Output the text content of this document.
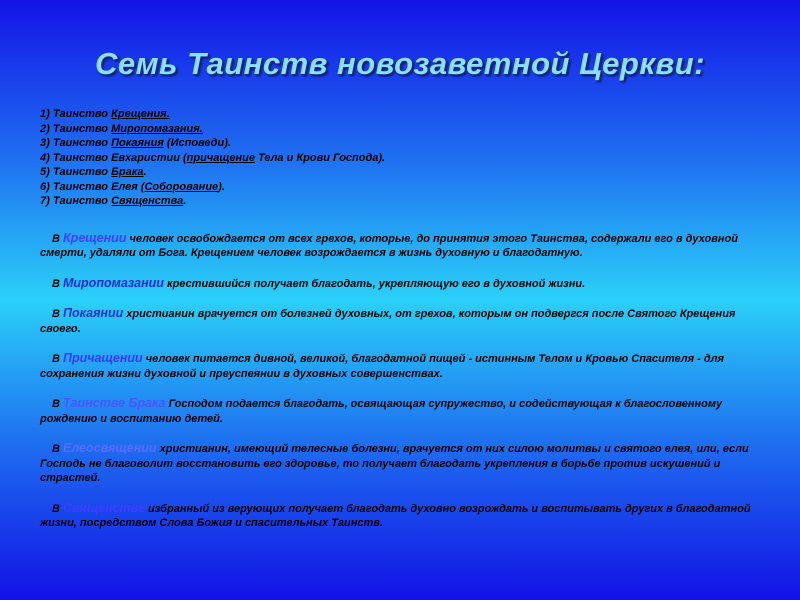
Семь Таинств новозаветной Церкви:
1) Таинство Крещения.
2) Таинство Миропомазания.
3) Таинство Покаяния (Исповеди).
4) Таинство Евхаристии (причащение Тела и Крови Господа).
5) Таинство Брака.
6) Таинство Елея (Соборование).
7) Таинство Священства.
В Крещении человек освобождается от всех грехов, которые, до принятия этого Таинства, содержали его в духовной смерти, удаляли от Бога. Крещением человек возрождается в жизнь духовную и благодатную.
В Миропомазании крестившийся получает благодать, укрепляющую его в духовной жизни.
В Покаянии христианин врачуется от болезней духовных, от грехов, которым он подвергся после Святого Крещения своего.
В Причащении человек питается дивной, великой, благодатной пищей - истинным Телом и Кровью Спасителя - для сохранения жизни духовной и преуспеянии в духовных совершенствах.
В Таинстве Брака Господом подается благодать, освящающая супружество, и содействующая к благословенному рождению и воспитанию детей.
В Елеосвящении христианин, имеющий телесные болезни, врачуется от них силою молитвы и святого елея, или, если Господь не благоволит восстановить его здоровье, то получает благодать укрепления в борьбе против искушений и страстей.
В Священстве избранный из верующих получает благодать духовно возрождать и воспитывать других в благодатной жизни, посредством Слова Божия и спасительных Таинств.
